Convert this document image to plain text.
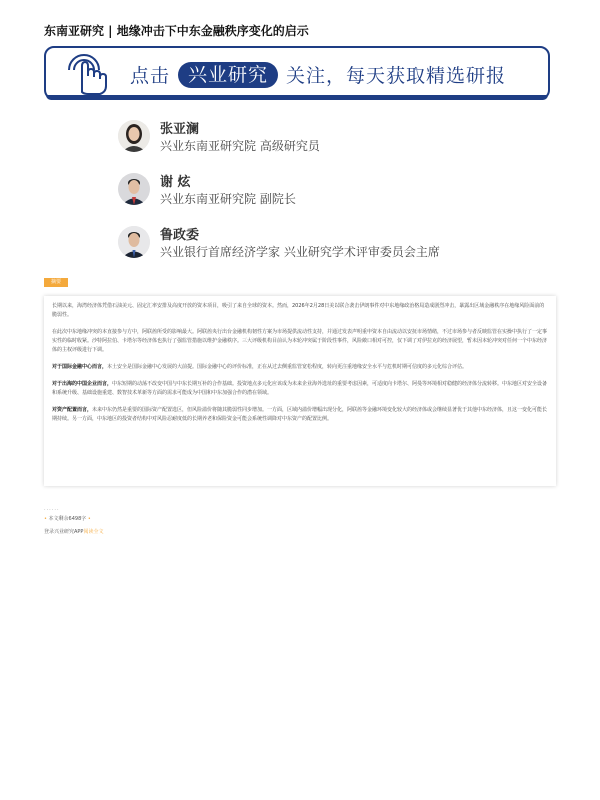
东南亚研究 | 地缘冲击下中东金融秩序变化的启示
点击 兴业研究 关注，每天获取精选研报
张亚澜
兴业东南亚研究院 高级研究员
谢 炫
兴业东南亚研究院 副院长
鲁政委
兴业银行首席经济学家 兴业研究学术评审委员会主席
摘要

长期以来，海湾经济体凭借石油美元、固定汇率安排及高度开放的资本项目，吸引了来自全球的资本。然而，2026年2月28日美以联合袭击伊朗事件对中东地缘政治格局造成剧烈冲击，暴露出区域金融秩序在地缘风险面前的脆弱性。

在此次中东地缘冲突的本直接参与方中，阿联酋所受的影响最大。阿联酋央行出台金融机构韧性方案为市场提供流动性支持，并通过发表声明重申资本自由流动以安抚市场情绪，不过市场参与者反映监管在实操中执行了一定事实性的临时收紧。沙特阿拉伯、卡塔尔等经济体也执行了强监管措施以维护金融秩序。三大评级机构目前认为本轮冲突属于阶段性事件，风险敞口相对可控，仅下调了对伊拉克的经济展望，暂未因本轮冲突对任何一个中东经济体的主权评级进行下调。

对于国际金融中心而言，本土安全是国际金融中心发展的大前提。国际金融中心的评价标准，正在从过去侧重监管宽松程度，转向更注重地缘安全水平与危机时期可信度的多元化综合评估。

对于出海的中国企业而言，中东短期的动荡不改变中国与中东长期互补的合作基础。投资地点多元化应该成为未来企业海外选址的重要考虑因素，可适度向卡塔尔、阿曼等环境相对稳健的经济体分流转移。中东地区对安全设备和系统升级、基础设施重建、数智技术革新等方面的需求可能成为中国和中东加强合作的潜在领域。

对资产配置而言，未来中东仍然是重要的国际资产配置选区，但风险溢价将随其脆弱性同步增加。一方面，区域内溢价增幅出现分化，阿联酋等金融环境变化较大的经济体或会继续显著优于其他中东经济体，且这一变化可能长期持续。另一方面，中东地区的投资者结构中对风险忍耐度低的长期养老和保险资金可能会系统性调降对中东资产的配置比例。

......
• 本文剩余6498字 •
登录兴业研究APP阅读全文
